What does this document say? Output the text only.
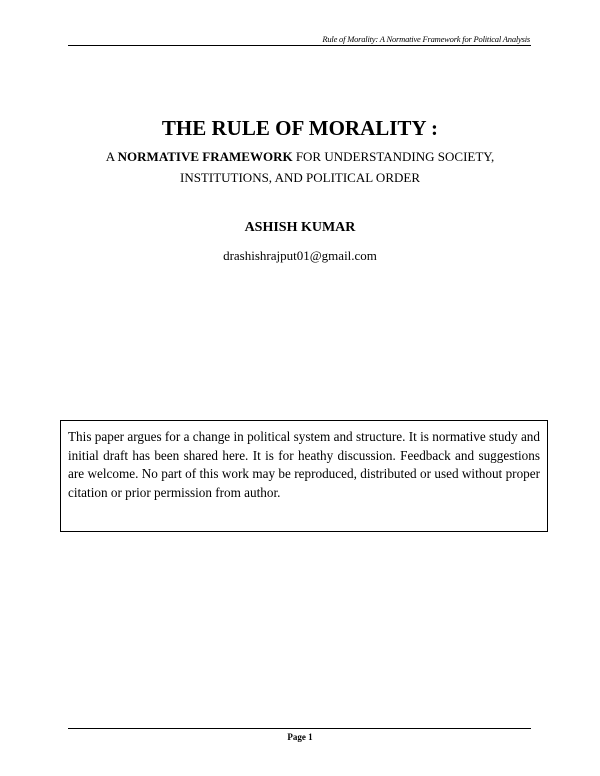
Rule of Morality: A Normative Framework for Political Analysis
THE RULE OF MORALITY :
A NORMATIVE FRAMEWORK FOR UNDERSTANDING SOCIETY,
INSTITUTIONS, AND POLITICAL ORDER
ASHISH KUMAR
drashishrajput01@gmail.com
This paper argues for a change in political system and structure. It is normative study and initial draft has been shared here. It is for heathy discussion. Feedback and suggestions are welcome. No part of this work may be reproduced, distributed or used without proper citation or prior permission from author.
Page 1
